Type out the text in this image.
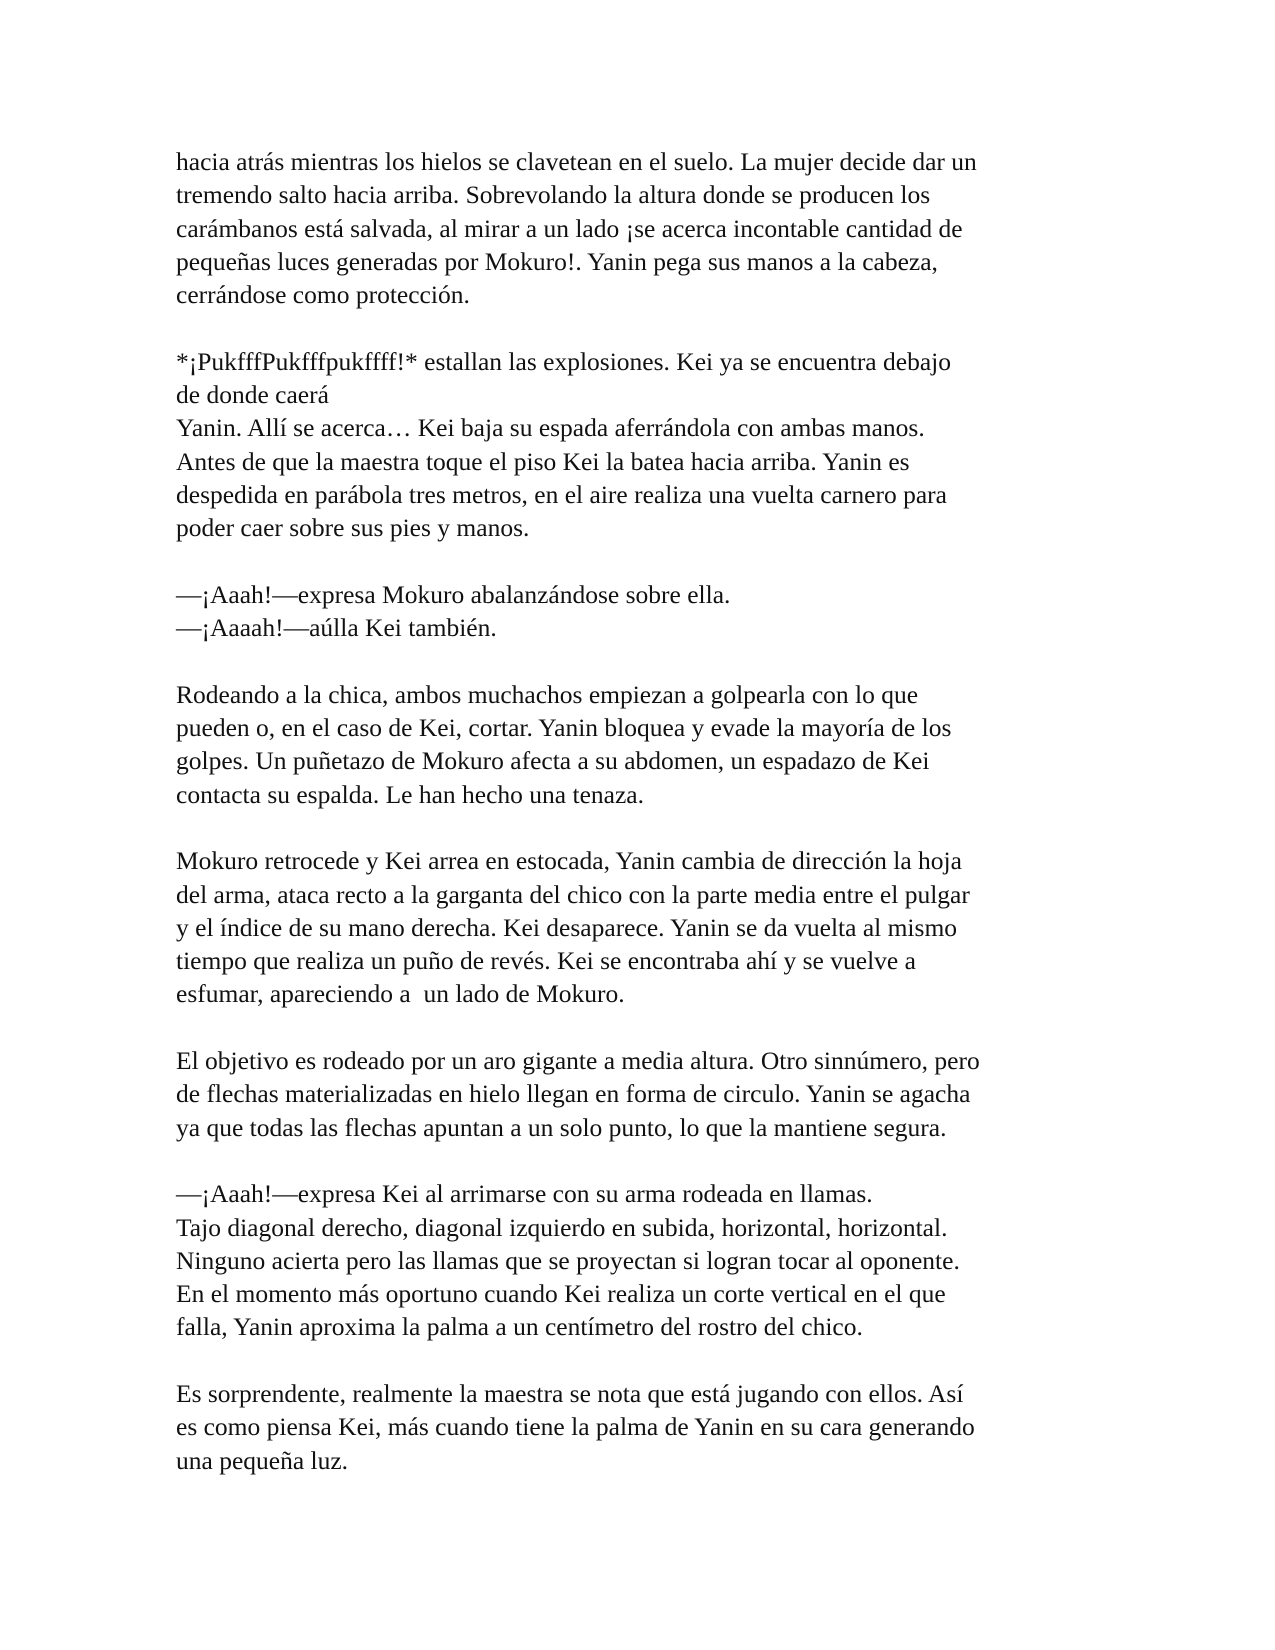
hacia atrás mientras los hielos se clavetean en el suelo. La mujer decide dar un
tremendo salto hacia arriba. Sobrevolando la altura donde se producen los
carámbanos está salvada, al mirar a un lado ¡se acerca incontable cantidad de
pequeñas luces generadas por Mokuro!. Yanin pega sus manos a la cabeza,
cerrándose como protección.
*¡PukfffPukfffpukffff!* estallan las explosiones. Kei ya se encuentra debajo
de donde caerá
Yanin. Allí se acerca… Kei baja su espada aferrándola con ambas manos.
Antes de que la maestra toque el piso Kei la batea hacia arriba. Yanin es
despedida en parábola tres metros, en el aire realiza una vuelta carnero para
poder caer sobre sus pies y manos.
—¡Aaah!—expresa Mokuro abalanzándose sobre ella.
—¡Aaaah!—aúlla Kei también.
Rodeando a la chica, ambos muchachos empiezan a golpearla con lo que
pueden o, en el caso de Kei, cortar. Yanin bloquea y evade la mayoría de los
golpes. Un puñetazo de Mokuro afecta a su abdomen, un espadazo de Kei
contacta su espalda. Le han hecho una tenaza.
Mokuro retrocede y Kei arrea en estocada, Yanin cambia de dirección la hoja
del arma, ataca recto a la garganta del chico con la parte media entre el pulgar
y el índice de su mano derecha. Kei desaparece. Yanin se da vuelta al mismo
tiempo que realiza un puño de revés. Kei se encontraba ahí y se vuelve a
esfumar, apareciendo a  un lado de Mokuro.
El objetivo es rodeado por un aro gigante a media altura. Otro sinnúmero, pero
de flechas materializadas en hielo llegan en forma de circulo. Yanin se agacha
ya que todas las flechas apuntan a un solo punto, lo que la mantiene segura.
—¡Aaah!—expresa Kei al arrimarse con su arma rodeada en llamas.
Tajo diagonal derecho, diagonal izquierdo en subida, horizontal, horizontal.
Ninguno acierta pero las llamas que se proyectan si logran tocar al oponente.
En el momento más oportuno cuando Kei realiza un corte vertical en el que
falla, Yanin aproxima la palma a un centímetro del rostro del chico.
Es sorprendente, realmente la maestra se nota que está jugando con ellos. Así
es como piensa Kei, más cuando tiene la palma de Yanin en su cara generando
una pequeña luz.
